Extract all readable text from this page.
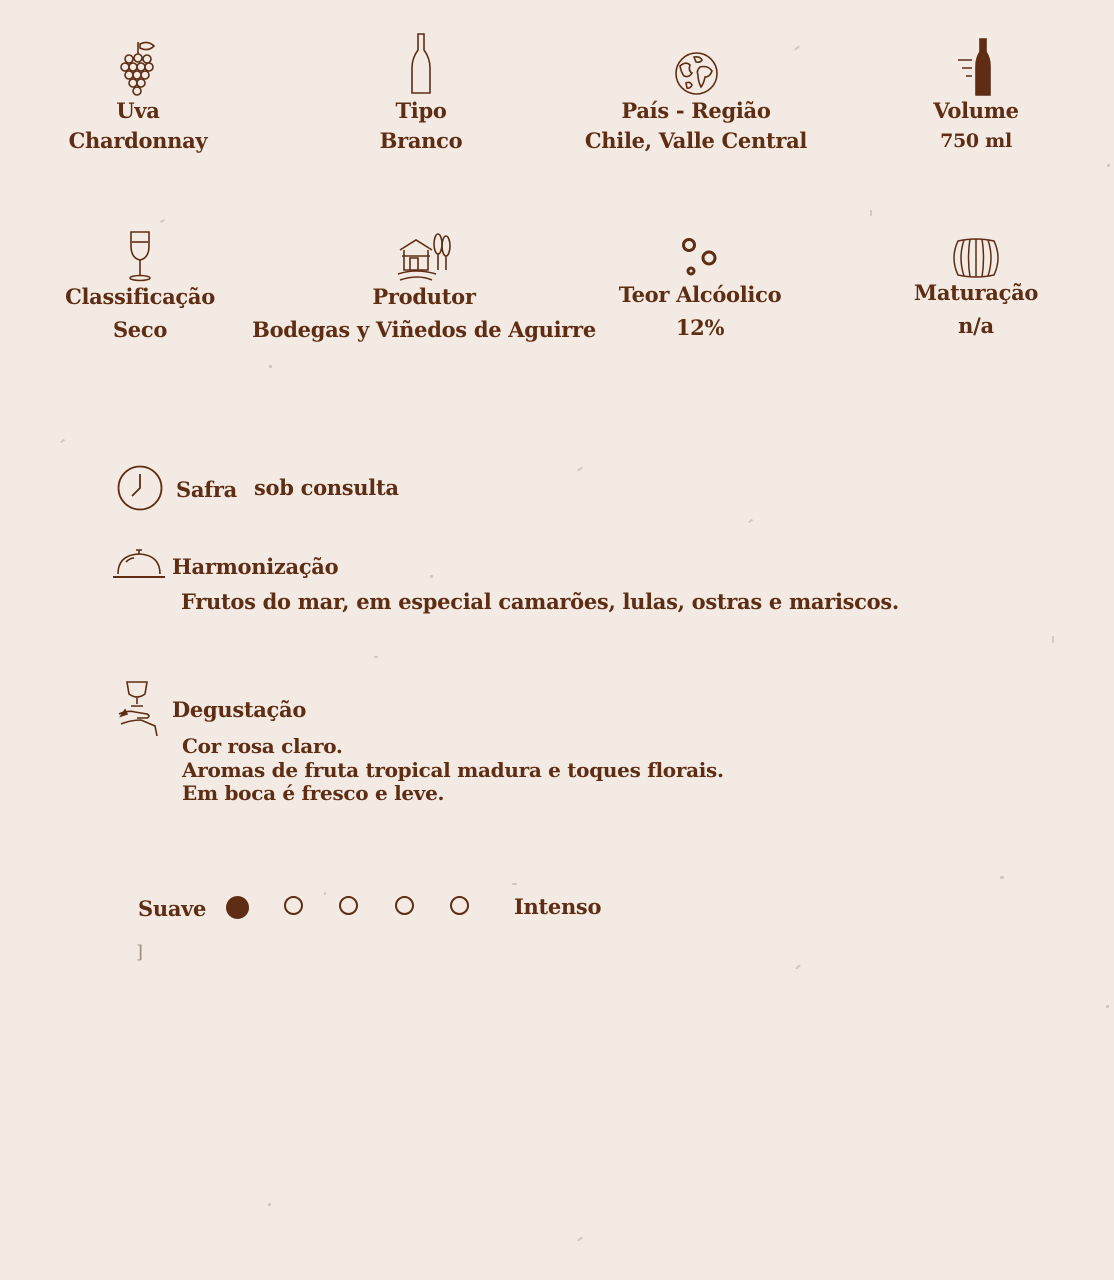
Uva
Chardonnay
Tipo
Branco
País - Região
Chile, Valle Central
Volume
750 ml
Classificação
Seco
Produtor
Bodegas y Viñedos de Aguirre
Teor Alcóolico
12%
Maturação
n/a
Safra sob consulta
Harmonização
Frutos do mar, em especial camarões, lulas, ostras e mariscos.
Degustação
Cor rosa claro.
Aromas de fruta tropical madura e toques florais.
Em boca é fresco e leve.
Suave	Intenso
]
